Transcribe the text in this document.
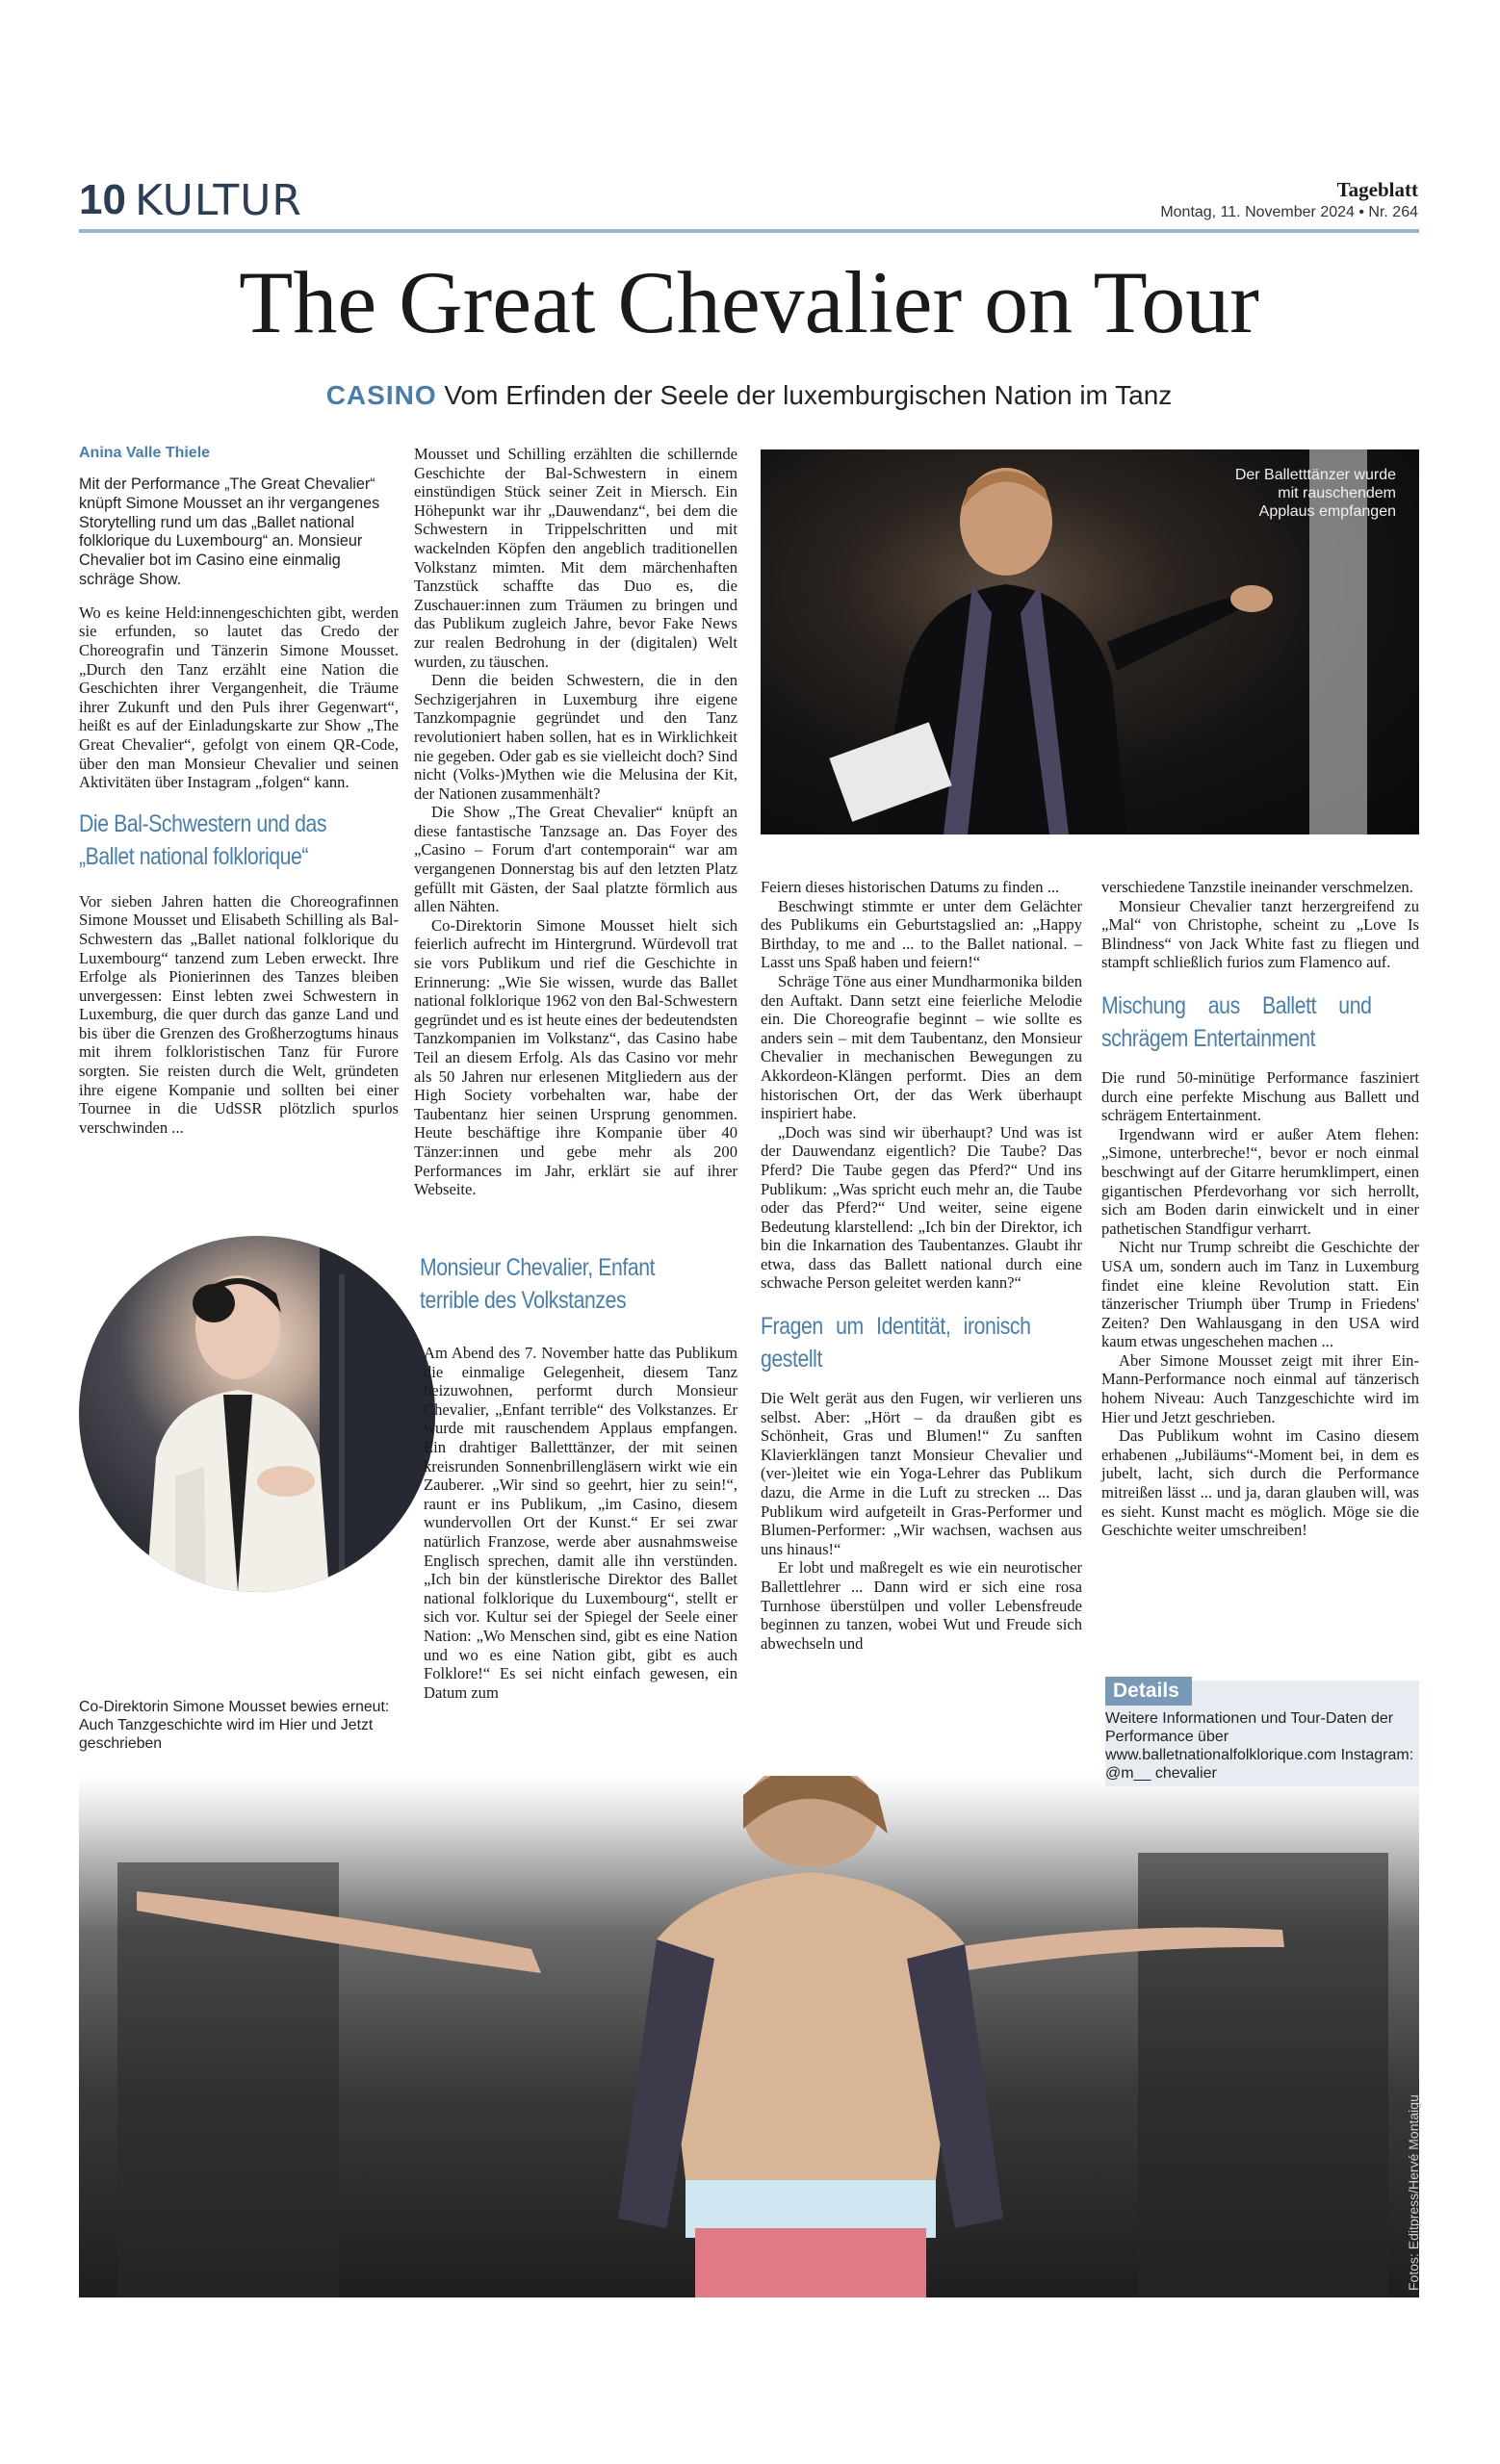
10 KULTUR	Tageblatt
Montag, 11. November 2024 • Nr. 264
The Great Chevalier on Tour
CASINO Vom Erfinden der Seele der luxemburgischen Nation im Tanz
Anina Valle Thiele
Mit der Performance „The Great Chevalier“ knüpft Simone Mousset an ihr vergangenes Storytelling rund um das „Ballet national folklorique du Luxembourg“ an. Monsieur Chevalier bot im Casino eine einmalig schräge Show.

Wo es keine Held:innengeschichten gibt, werden sie erfunden, so lautet das Credo der Choreografin und Tänzerin Simone Mousset. „Durch den Tanz erzählt eine Nation die Geschichten ihrer Vergangenheit, die Träume ihrer Zukunft und den Puls ihrer Gegenwart“, heißt es auf der Einladungskarte zur Show „The Great Chevalier“, gefolgt von einem QR-Code, über den man Monsieur Chevalier und seinen Aktivitäten über Instagram „folgen“ kann.

Die Bal-Schwestern und das „Ballet national folklorique“

Vor sieben Jahren hatten die Choreografinnen Simone Mousset und Elisabeth Schilling als Bal-Schwestern das „Ballet national folklorique du Luxembourg“ tanzend zum Leben erweckt. Ihre Erfolge als Pionierinnen des Tanzes bleiben unvergessen: Einst lebten zwei Schwestern in Luxemburg, die quer durch das ganze Land und bis über die Grenzen des Großherzogtums hinaus mit ihrem folkloristischen Tanz für Furore sorgten. Sie reisten durch die Welt, gründeten ihre eigene Kompanie und sollten bei einer Tournee in die UdSSR plötzlich spurlos verschwinden ...

Co-Direktorin Simone Mousset bewies erneut: Auch Tanzgeschichte wird im Hier und Jetzt geschrieben

Mousset und Schilling erzählten die schillernde Geschichte der Bal-Schwestern in einem einstündigen Stück seiner Zeit in Miersch. Ein Höhepunkt war ihr „Dauwendanz“, bei dem die Schwestern in Trippelschritten und mit wackelnden Köpfen den angeblich traditionellen Volkstanz mimten. Mit dem märchenhaften Tanzstück schaffte das Duo es, die Zuschauer:innen zum Träumen zu bringen und das Publikum zugleich Jahre, bevor Fake News zur realen Bedrohung in der (digitalen) Welt wurden, zu täuschen.

Denn die beiden Schwestern, die in den Sechzigerjahren in Luxemburg ihre eigene Tanzkompagnie gegründet und den Tanz revolutioniert haben sollen, hat es in Wirklichkeit nie gegeben. Oder gab es sie vielleicht doch? Sind nicht (Volks-)Mythen wie die Melusina der Kit, der Nationen zusammenhält?

Die Show „The Great Chevalier“ knüpft an diese fantastische Tanzsage an. Das Foyer des „Casino – Forum d'art contemporain“ war am vergangenen Donnerstag bis auf den letzten Platz gefüllt mit Gästen, der Saal platzte förmlich aus allen Nähten.

Co-Direktorin Simone Mousset hielt sich feierlich aufrecht im Hintergrund. Würdevoll trat sie vors Publikum und rief die Geschichte in Erinnerung: „Wie Sie wissen, wurde das Ballet national folklorique 1962 von den Bal-Schwestern gegründet und es ist heute eines der bedeutendsten Tanzkompanien im Volkstanz“, das Casino habe Teil an diesem Erfolg. Als das Casino vor mehr als 50 Jahren nur erlesenen Mitgliedern aus der High Society vorbehalten war, habe der Taubentanz hier seinen Ursprung genommen. Heute beschäftige ihre Kompanie über 40 Tänzer:innen und gebe mehr als 200 Performances im Jahr, erklärt sie auf ihrer Webseite.

Monsieur Chevalier, Enfant terrible des Volkstanzes

Am Abend des 7. November hatte das Publikum die einmalige Gelegenheit, diesem Tanz beizuwohnen, performt durch Monsieur Chevalier, „Enfant terrible“ des Volkstanzes. Er wurde mit rauschendem Applaus empfangen. Ein drahtiger Balletttänzer, der mit seinen kreisrunden Sonnenbrillengläsern wirkt wie ein Zauberer. „Wir sind so geehrt, hier zu sein!“, raunt er ins Publikum, „im Casino, diesem wundervollen Ort der Kunst.“ Er sei zwar natürlich Franzose, werde aber ausnahmsweise Englisch sprechen, damit alle ihn verstünden. „Ich bin der künstlerische Direktor des Ballet national folklorique du Luxembourg“, stellt er sich vor. Kultur sei der Spiegel der Seele einer Nation: „Wo Menschen sind, gibt es eine Nation und wo es eine Nation gibt, gibt es auch Folklore!“ Es sei nicht einfach gewesen, ein Datum zum

Der Balletttänzer wurde mit rauschendem Applaus empfangen

Feiern dieses historischen Datums zu finden ...

Beschwingt stimmte er unter dem Gelächter des Publikums ein Geburtstagslied an: „Happy Birthday, to me and ... to the Ballet national. – Lasst uns Spaß haben und feiern!“

Schräge Töne aus einer Mundharmonika bilden den Auftakt. Dann setzt eine feierliche Melodie ein. Die Choreografie beginnt – wie sollte es anders sein – mit dem Taubentanz, den Monsieur Chevalier in mechanischen Bewegungen zu Akkordeon-Klängen performt. Dies an dem historischen Ort, der das Werk überhaupt inspiriert habe.

„Doch was sind wir überhaupt? Und was ist der Dauwendanz eigentlich? Die Taube? Das Pferd? Die Taube gegen das Pferd?“ Und ins Publikum: „Was spricht euch mehr an, die Taube oder das Pferd?“ Und weiter, seine eigene Bedeutung klarstellend: „Ich bin der Direktor, ich bin die Inkarnation des Taubentanzes. Glaubt ihr etwa, dass das Ballett national durch eine schwache Person geleitet werden kann?“

Fragen um Identität, ironisch gestellt

Die Welt gerät aus den Fugen, wir verlieren uns selbst. Aber: „Hört – da draußen gibt es Schönheit, Gras und Blumen!“ Zu sanften Klavierklängen tanzt Monsieur Chevalier und (ver-)leitet wie ein Yoga-Lehrer das Publikum dazu, die Arme in die Luft zu strecken ... Das Publikum wird aufgeteilt in Gras-Performer und Blumen-Performer: „Wir wachsen, wachsen aus uns hinaus!“

Er lobt und maßregelt es wie ein neurotischer Ballettlehrer ... Dann wird er sich eine rosa Turnhose überstülpen und voller Lebensfreude beginnen zu tanzen, wobei Wut und Freude sich abwechseln und

verschiedene Tanzstile ineinander verschmelzen.

Monsieur Chevalier tanzt herzergreifend zu „Mal“ von Christophe, scheint zu „Love Is Blindness“ von Jack White fast zu fliegen und stampft schließlich furios zum Flamenco auf.

Mischung aus Ballett und schrägem Entertainment

Die rund 50-minütige Performance fasziniert durch eine perfekte Mischung aus Ballett und schrägem Entertainment.

Irgendwann wird er außer Atem flehen: „Simone, unterbreche!“, bevor er noch einmal beschwingt auf der Gitarre herumklimpert, einen gigantischen Pferdevorhang vor sich herrollt, sich am Boden darin einwickelt und in einer pathetischen Standfigur verharrt.

Nicht nur Trump schreibt die Geschichte der USA um, sondern auch im Tanz in Luxemburg findet eine kleine Revolution statt. Ein tänzerischer Triumph über Trump in Friedens' Zeiten? Den Wahlausgang in den USA wird kaum etwas ungeschehen machen ...

Aber Simone Mousset zeigt mit ihrer Ein-Mann-Performance noch einmal auf tänzerisch hohem Niveau: Auch Tanzgeschichte wird im Hier und Jetzt geschrieben.

Das Publikum wohnt im Casino diesem erhabenen „Jubiläums“-Moment bei, in dem es jubelt, lacht, sich durch die Performance mitreißen lässt ... und ja, daran glauben will, was es sieht. Kunst macht es möglich. Möge sie die Geschichte weiter umschreiben!

Details
Weitere Informationen und Tour-Daten der Performance über www.balletnationalfolklorique.com Instagram: @m__ chevalier
Fotos: Editpress/Hervé Montaigu
